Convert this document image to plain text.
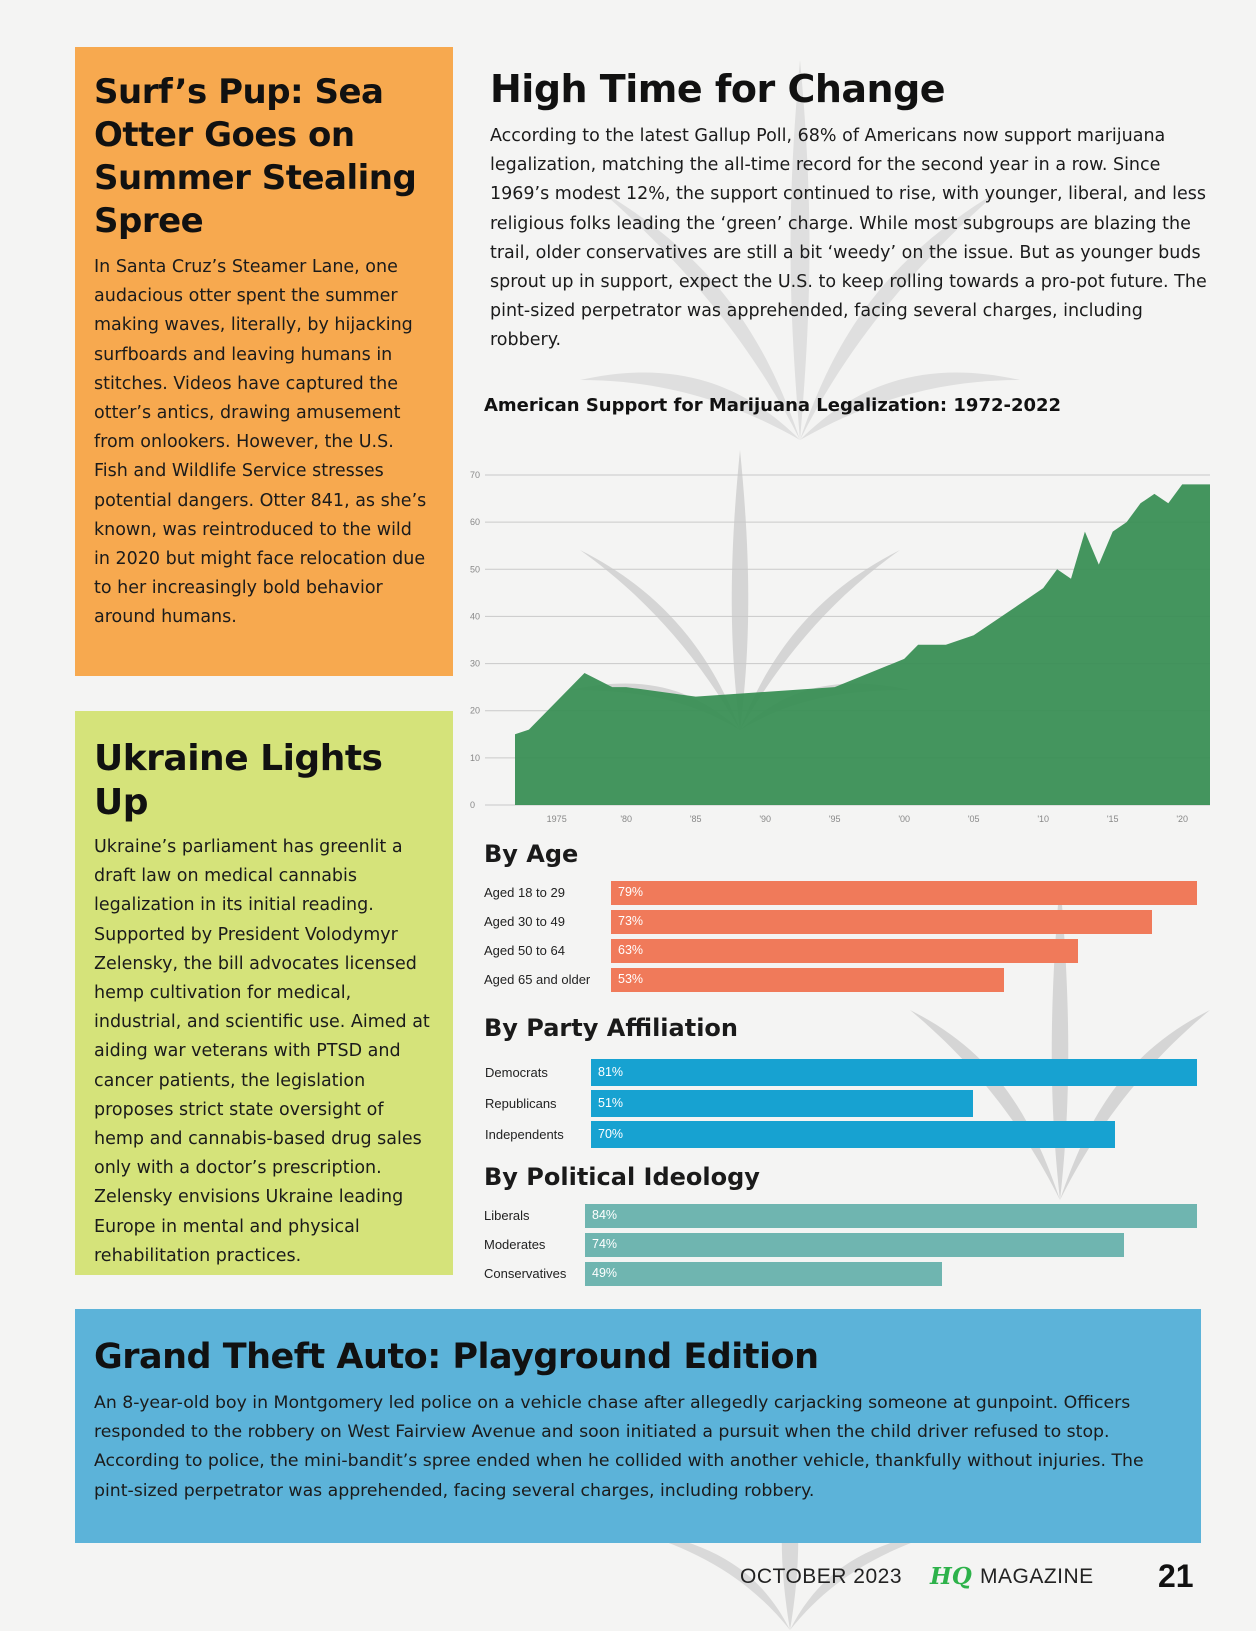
Surf’s Pup: Sea Otter Goes on Summer Stealing Spree

In Santa Cruz’s Steamer Lane, one audacious otter spent the summer making waves, literally, by hijacking surfboards and leaving humans in stitches. Videos have captured the otter’s antics, drawing amusement from onlookers. However, the U.S. Fish and Wildlife Service stresses potential dangers. Otter 841, as she’s known, was reintroduced to the wild in 2020 but might face relocation due to her increasingly bold behavior around humans.

Ukraine Lights Up

Ukraine’s parliament has greenlit a draft law on medical cannabis legalization in its initial reading. Supported by President Volodymyr Zelensky, the bill advocates licensed hemp cultivation for medical, industrial, and scientific use. Aimed at aiding war veterans with PTSD and cancer patients, the legislation proposes strict state oversight of hemp and cannabis-based drug sales only with a doctor’s prescription. Zelensky envisions Ukraine leading Europe in mental and physical rehabilitation practices.

High Time for Change

According to the latest Gallup Poll, 68% of Americans now support marijuana legalization, matching the all-time record for the second year in a row. Since 1969’s modest 12%, the support continued to rise, with younger, liberal, and less religious folks leading the ‘green’ charge. While most subgroups are blazing the trail, older conservatives are still a bit ‘weedy’ on the issue. But as younger buds sprout up in support, expect the U.S. to keep rolling towards a pro-pot future. The pint-sized perpetrator was apprehended, facing several charges, including robbery.

American Support for Marijuana Legalization: 1972-2022
0
10
20
30
40
50
60
70
1975	'80	'85	'90	'95	'00	'05	'10	'15	'20
By Age
Aged 18 to 29	79%
Aged 30 to 49	73%
Aged 50 to 64	63%
Aged 65 and older 53%
By Party Affiliation
Democrats	81%
Republicans	51%
Independents	70%
By Political Ideology
Liberals	84%
Moderates	74%
Conservatives 49%
Grand Theft Auto: Playground Edition

An 8-year-old boy in Montgomery led police on a vehicle chase after allegedly carjacking someone at gunpoint. Officers responded to the robbery on West Fairview Avenue and soon initiated a pursuit when the child driver refused to stop. According to police, the mini-bandit’s spree ended when he collided with another vehicle, thankfully without injuries. The pint-sized perpetrator was apprehended, facing several charges, including robbery.

OCTOBER 2023 HQ MAGAZINE 21
